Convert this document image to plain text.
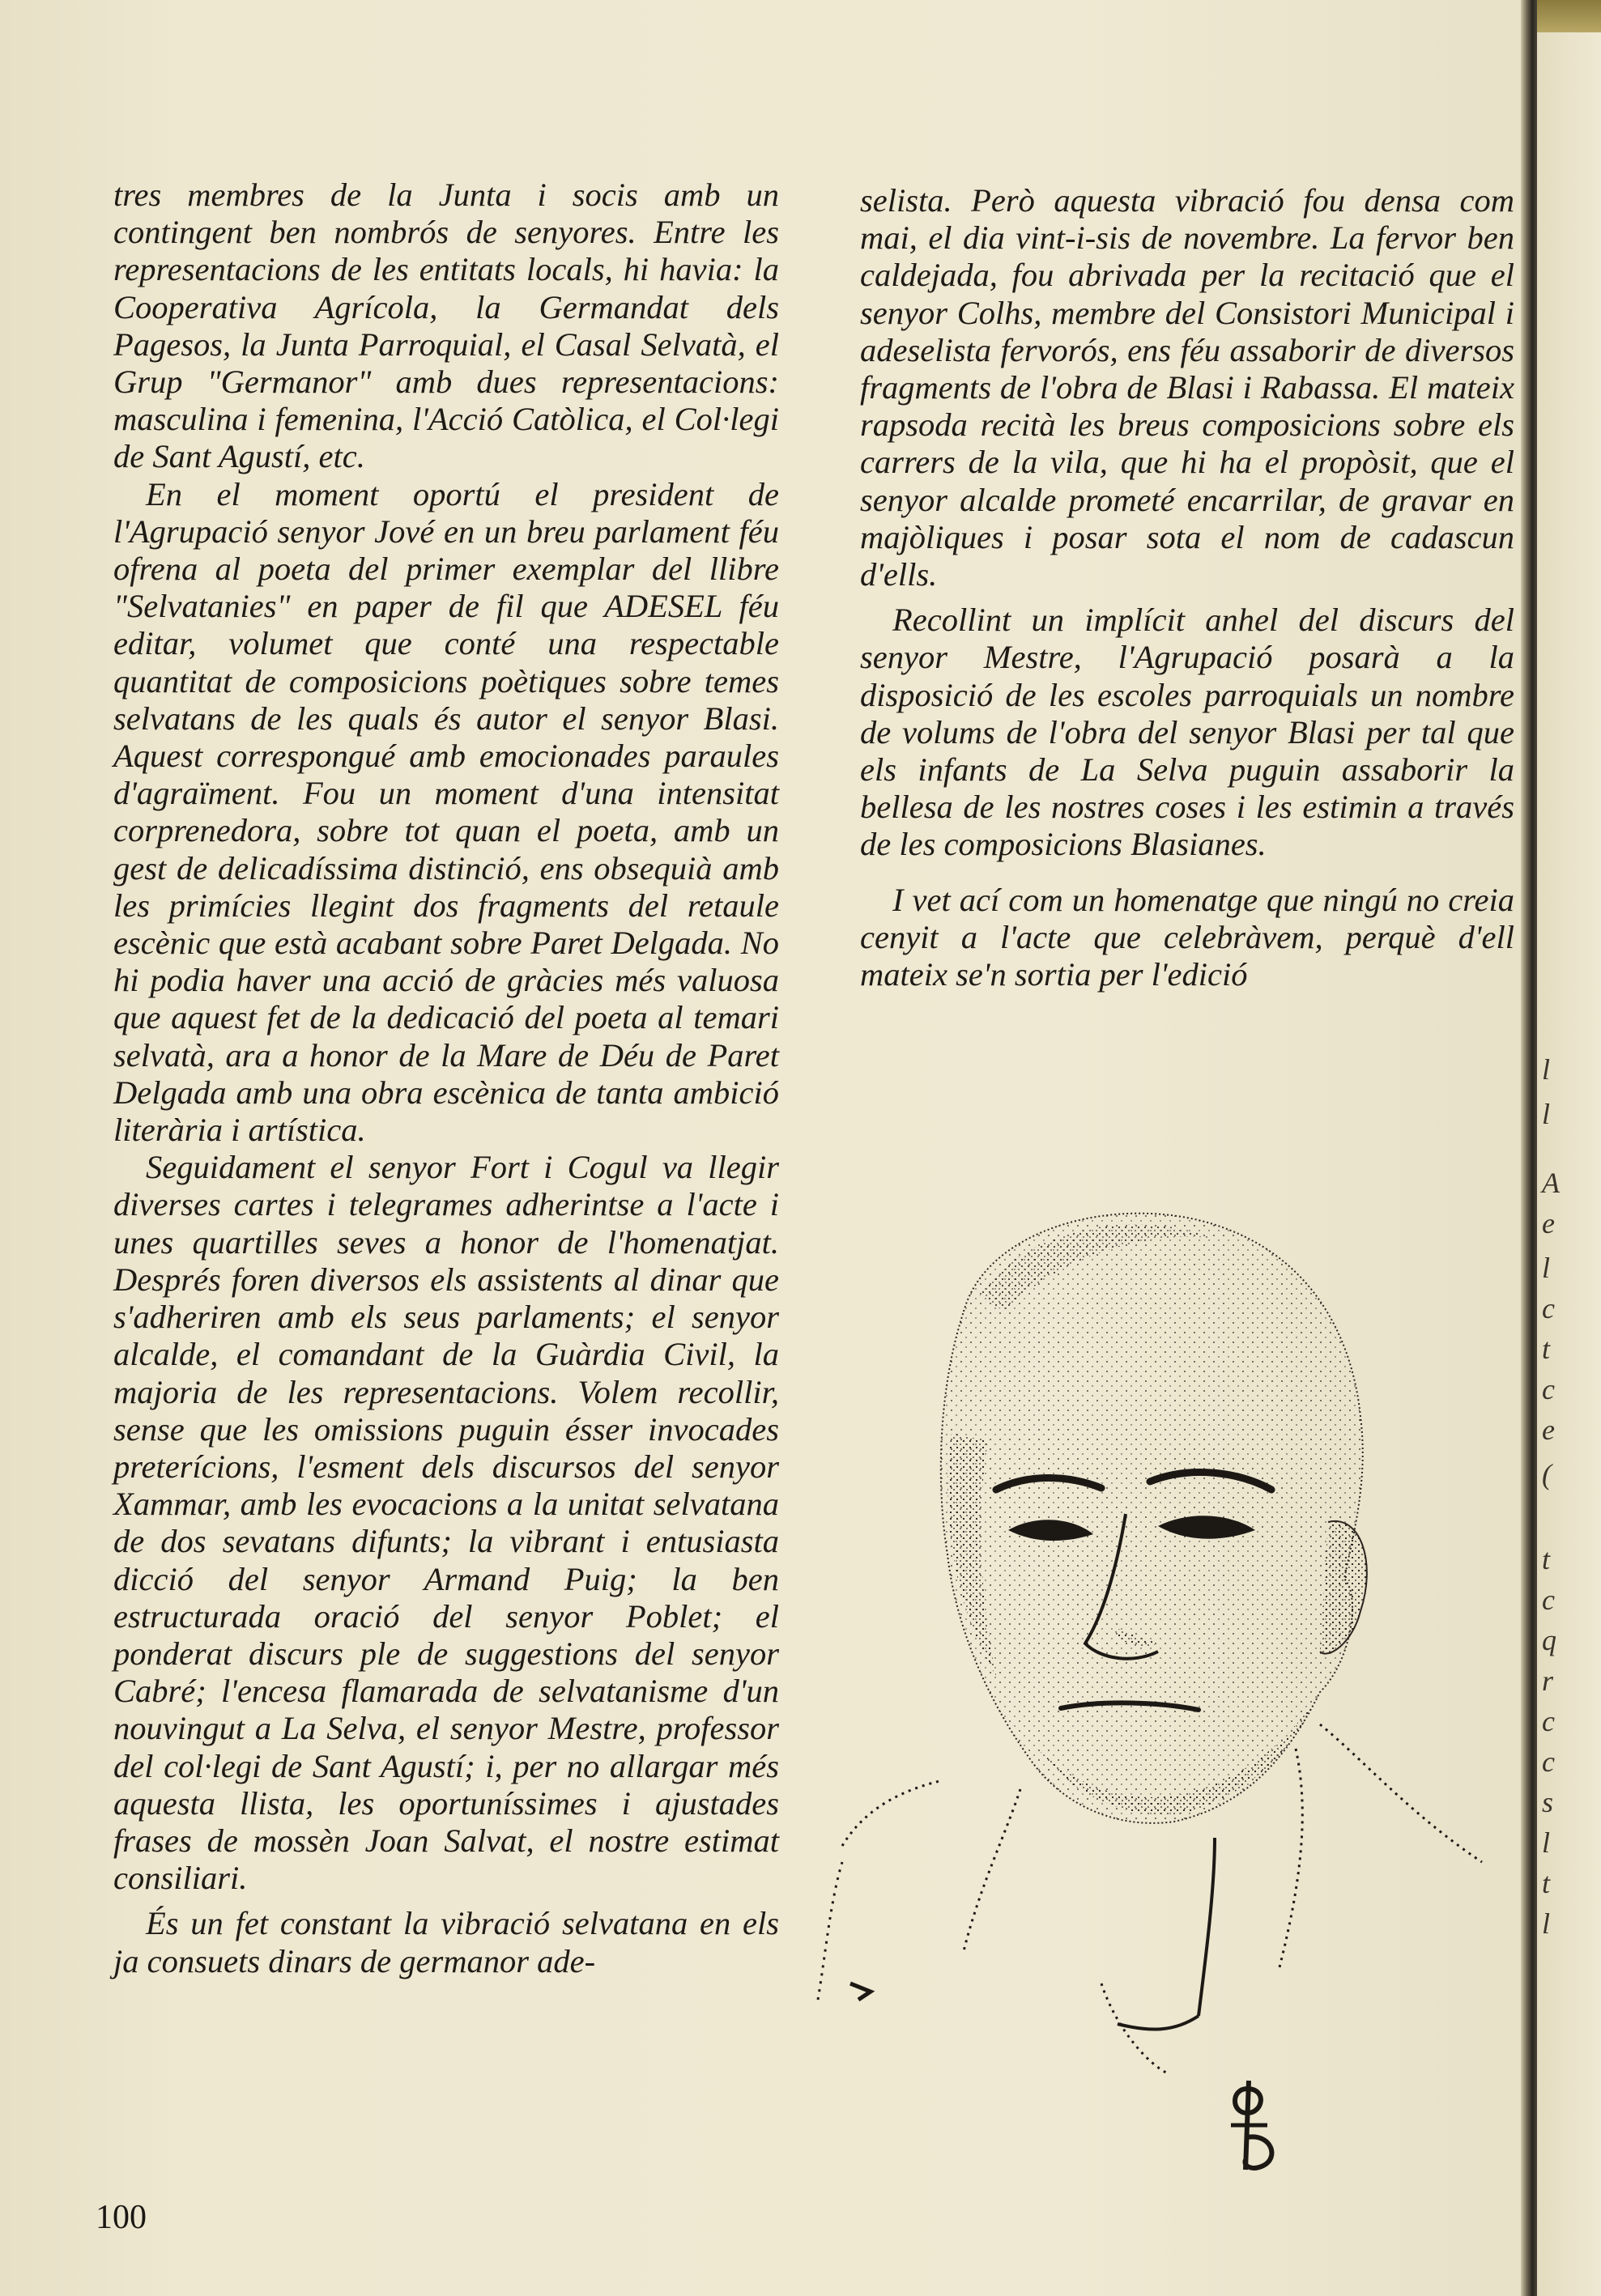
l
l
A
e
l
c
t
c
e
(
t
c
q
r
c
c
s
l
t
l

tres membres de la Junta i socis amb un contingent ben nombrós de senyores. Entre les representacions de les entitats locals, hi havia: la Cooperativa Agrícola, la Germandat dels Pagesos, la Junta Parroquial, el Casal Selvatà, el Grup "Germanor" amb dues representacions: masculina i femenina, l'Acció Catòlica, el Col·legi de Sant Agustí, etc.

En el moment oportú el president de l'Agrupació senyor Jové en un breu parlament féu ofrena al poeta del primer exemplar del llibre "Selvatanies" en paper de fil que ADESEL féu editar, volumet que conté una respectable quantitat de composicions poètiques sobre temes selvatans de les quals és autor el senyor Blasi. Aquest correspongué amb emocionades paraules d'agraïment. Fou un moment d'una intensitat corprenedora, sobre tot quan el poeta, amb un gest de delicadíssima distinció, ens obsequià amb les primícies llegint dos fragments del retaule escènic que està acabant sobre Paret Delgada. No hi podia haver una acció de gràcies més valuosa que aquest fet de la dedicació del poeta al temari selvatà, ara a honor de la Mare de Déu de Paret Delgada amb una obra escènica de tanta ambició literària i artística.

Seguidament el senyor Fort i Cogul va llegir diverses cartes i telegrames adherintse a l'acte i unes quartilles seves a honor de l'homenatjat. Després foren diversos els assistents al dinar que s'adheriren amb els seus parlaments; el senyor alcalde, el comandant de la Guàrdia Civil, la majoria de les representacions. Volem recollir, sense que les omissions puguin ésser invocades preterícions, l'esment dels discursos del senyor Xammar, amb les evocacions a la unitat selvatana de dos sevatans difunts; la vibrant i entusiasta dicció del senyor Armand Puig; la ben estructurada oració del senyor Poblet; el ponderat discurs ple de suggestions del senyor Cabré; l'encesa flamarada de selvatanisme d'un nouvingut a La Selva, el senyor Mestre, professor del col·legi de Sant Agustí; i, per no allargar més aquesta llista, les oportuníssimes i ajustades frases de mossèn Joan Salvat, el nostre estimat consiliari.

És un fet constant la vibració selvatana en els ja consuets dinars de germanor ade-

selista. Però aquesta vibració fou densa com mai, el dia vint-i-sis de novembre. La fervor ben caldejada, fou abrivada per la recitació que el senyor Colhs, membre del Consistori Municipal i adeselista fervorós, ens féu assaborir de diversos fragments de l'obra de Blasi i Rabassa. El mateix rapsoda recità les breus composicions sobre els carrers de la vila, que hi ha el propòsit, que el senyor alcalde prometé encarrilar, de gravar en majòliques i posar sota el nom de cadascun d'ells.

Recollint un implícit anhel del discurs del senyor Mestre, l'Agrupació posarà a la disposició de les escoles parroquials un nombre de volums de l'obra del senyor Blasi per tal que els infants de La Selva puguin assaborir la bellesa de les nostres coses i les estimin a través de les composicions Blasianes.

I vet ací com un homenatge que ningú no creia cenyit a l'acte que celebràvem, perquè d'ell mateix se'n sortia per l'edició

100
